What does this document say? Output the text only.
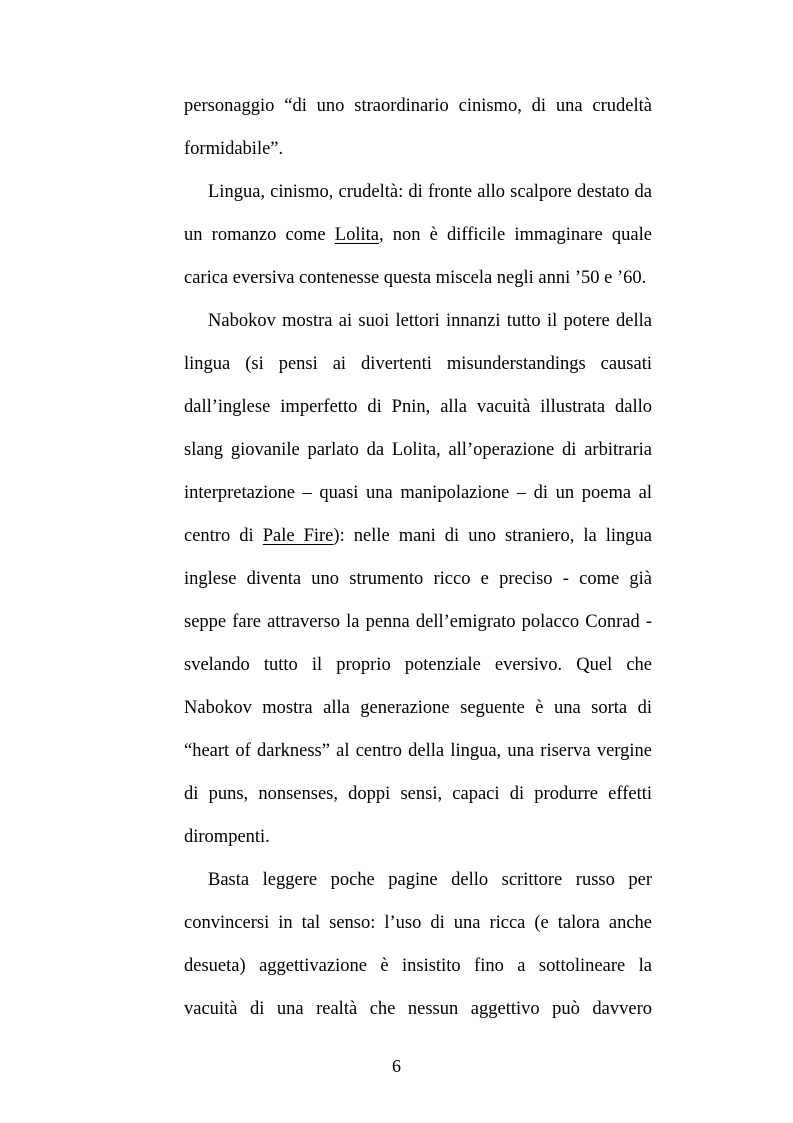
personaggio “di uno straordinario cinismo, di una crudeltà
formidabile”.
Lingua, cinismo, crudeltà: di fronte allo scalpore destato da
un romanzo come Lolita, non è difficile immaginare quale
carica eversiva contenesse questa miscela negli anni ’50 e ’60.
Nabokov mostra ai suoi lettori innanzi tutto il potere della
lingua (si pensi ai divertenti misunderstandings causati
dall’inglese imperfetto di Pnin, alla vacuità illustrata dallo
slang giovanile parlato da Lolita, all’operazione di arbitraria
interpretazione – quasi una manipolazione – di un poema al
centro di Pale Fire): nelle mani di uno straniero, la lingua
inglese diventa uno strumento ricco e preciso - come già
seppe fare attraverso la penna dell’emigrato polacco Conrad -
svelando tutto il proprio potenziale eversivo. Quel che
Nabokov mostra alla generazione seguente è una sorta di
“heart of darkness” al centro della lingua, una riserva vergine
di puns, nonsenses, doppi sensi, capaci di produrre effetti
dirompenti.
Basta leggere poche pagine dello scrittore russo per
convincersi in tal senso: l’uso di una ricca (e talora anche
desueta) aggettivazione è insistito fino a sottolineare la
vacuità di una realtà che nessun aggettivo può davvero
6
